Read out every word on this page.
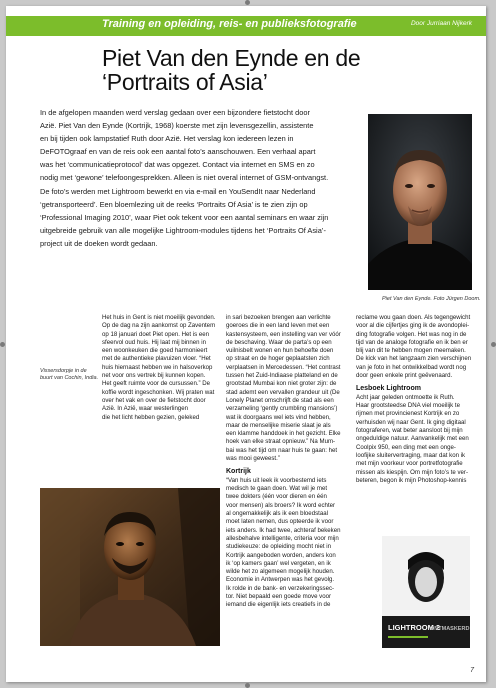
Training en opleiding, reis- en publieksfotografie	Door Jurriaan Nijkerk
Piet Van den Eynde en de
‘Portraits of Asia’
In de afgelopen maanden werd verslag gedaan over een bijzondere fietstocht door
Azië. Piet Van den Eynde (Kortrijk, 1968) koerste met zijn levensgezellin, assistente
en bij tijden ook lampstatief Ruth door Azië. Het verslag kon iedereen lezen in
DeFOTOgraaf en van de reis ook een aantal foto’s aanschouwen. Een verhaal apart
was het ‘communicatieprotocol’ dat was opgezet. Contact via internet en SMS en zo
nodig met ‘gewone’ telefoongesprekken. Alleen is niet overal internet of GSM-ontvangst.
De foto’s werden met Lightroom bewerkt en via e-mail en YouSendIt naar Nederland
‘getransporteerd’. Een bloemlezing uit de reeks ‘Portraits Of Asia’ is te zien zijn op
‘Professional Imaging 2010’, waar Piet ook tekent voor een aantal seminars en waar zijn
uitgebreide gebruik van alle mogelijke Lightroom-modules tijdens het ‘Portraits Of Asia’-
project uit de doeken wordt gedaan.
Piet Van den Eynde. Foto Jürgen Doom.
Vissersdorpje in de
buurt van Cochin, India.
Het huis in Gent is niet moeilijk gevonden.
Op de dag na zijn aankomst op Zaventem
op 18 januari doet Piet open. Het is een
sfeervol oud huis. Hij laat mij binnen in
een woonkeuken die goed harmonieert
met de authentieke plavuizen vloer. “Het
huis hiernaast hebben we in halsoverkop
net voor ons vertrek bij kunnen kopen.
Het geeft ruimte voor de cursussen.” De
koffie wordt ingeschonken. Wij praten wat
over het vak en over de fietstocht door
Azië. In Azië, waar westerlingen
die het licht hebben gezien, geleked
in sari bezoeken brengen aan verlichte
goeroes die in een land leven met een
kastensysteem, een instelling van ver vóór
de beschaving. Waar de parta’s op een
vuilnisbelt wonen en hun behoefte doen
op straat en de hoger geplaatsten zich
verplaatsen in Mercedessen. “Het contrast
tussen het Zuid-Indiaase platteland en de
grootstad Mumbai kon niet groter zijn: de
stad ademt een vervallen grandeur uit (De
Lonely Planet omschrijft de stad als een
verzameling ‘gently crumbling mansions’)
wat ik doorgaans wel iets vind hebben,
maar de menselijke miserie slaat je als
een klamme handdoek in het gezicht. Elke
hoek van elke straat opnieuw.” Na Mum-
bai was het tijd om naar huis te gaan: het
was mooi geweest.”
Kortrijk
“Van huis uit leek ik voorbestemd iets
medisch te gaan doen. Wat wil je met
twee dokters (één voor dieren en één
voor mensen) als broers? Ik word echter
al ongemakkelijk als ik een bloedstaal
moet laten nemen, dus opteerde ik voor
iets anders. Ik had twee, achteraf bekeken
allesbehalve intelligente, criteria voor mijn
studiekeuze: de opleiding mocht niet in
Kortrijk aangeboden worden, anders kon
ik ‘op kamers gaan’ wel vergeten, en ik
wilde het zo algemeen mogelijk houden.
Economie in Antwerpen was het gevolg.
Ik rolde in de bank- en verzekeringssec-
tor. Niet bepaald een goede move voor
iemand die eigenlijk iets creatiefs in de
reclame wou gaan doen. Als tegengewicht
voor al die cijfertjes ging ik de avondoplei-
ding fotografie volgen. Het was nog in de
tijd van de analoge fotografie en ik ben er
blij van dit te hebben mogen meemaken.
De kick van het langzaam zien verschijnen
van je foto in het ontwikkelbad wordt nog
door geen enkele print geëvenaard.
Lesboek Lightroom
Acht jaar geleden ontmoette ik Ruth.
Haar grootsteedse DNA viel moeilijk te
rijmen met provincienest Kortrijk en zo
verhuisden wij naar Gent. Ik ging digitaal
fotograferen, wat beter aansloot bij mijn
ongeduldige natuur. Aanvankelijk met een
Coolpix 950, een ding met een onge-
loofijke sluitervertraging, maar dat kon ik
met mijn voorkeur voor portretfotografie
missen als kiespijn. Om mijn foto’s te ver-
beteren, begon ik mijn Photoshop-kennis
LIGHTROOM 2
ONTMASKERD
7
